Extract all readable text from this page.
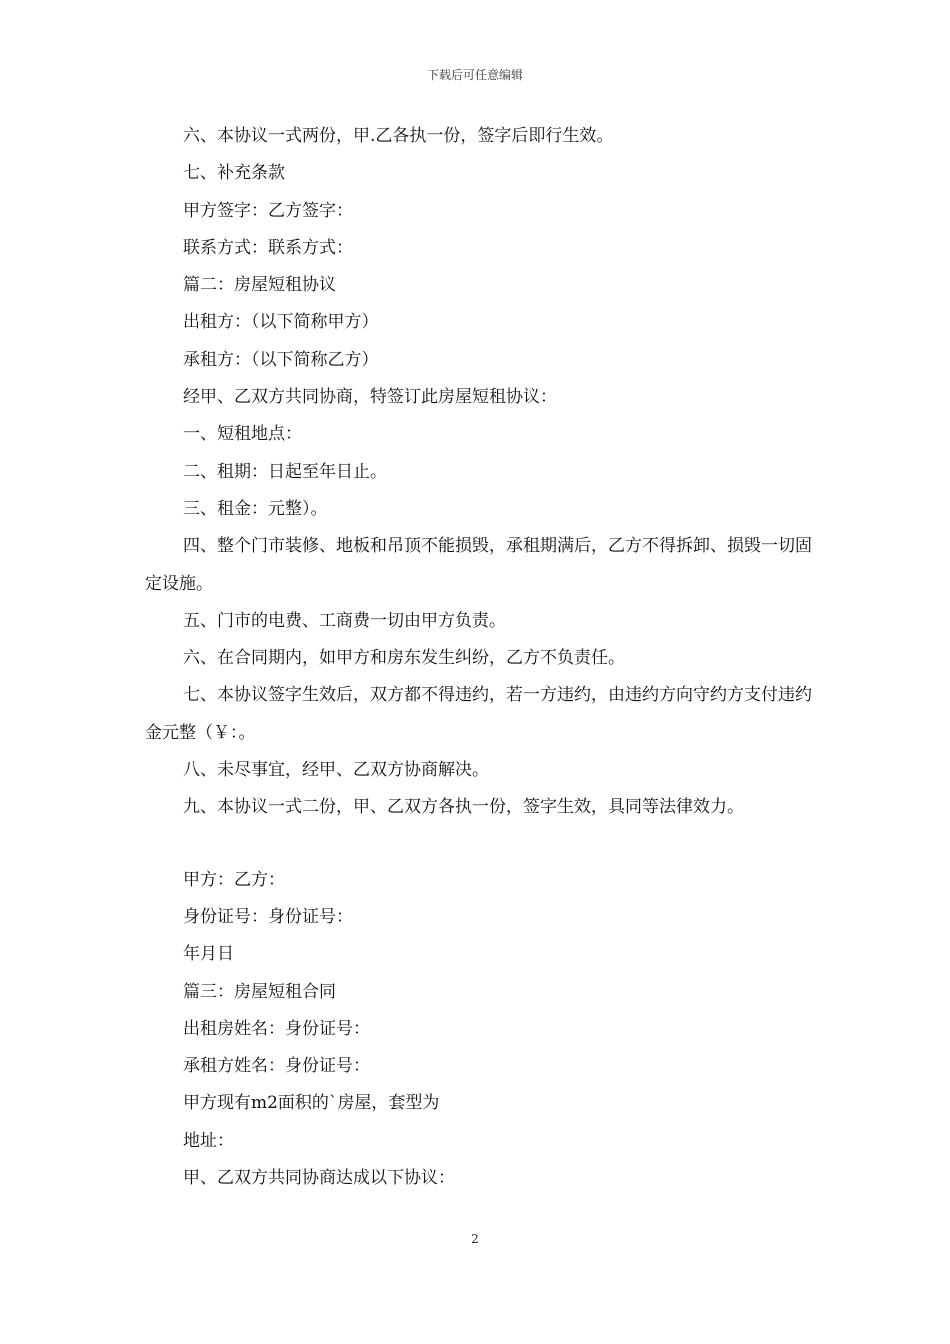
下载后可任意编辑

六、本协议一式两份，甲.乙各执一份，签字后即行生效。

七、补充条款

甲方签字：乙方签字：

联系方式：联系方式：

篇二：房屋短租协议

出租方：（以下简称甲方）

承租方：（以下简称乙方）

经甲、乙双方共同协商，特签订此房屋短租协议：

一、短租地点：

二、租期：日起至年日止。

三、租金：元整）。

四、整个门市装修、地板和吊顶不能损毁，承租期满后，乙方不得拆卸、损毁一切固定设施。

五、门市的电费、工商费一切由甲方负责。

六、在合同期内，如甲方和房东发生纠纷，乙方不负责任。

七、本协议签字生效后，双方都不得违约，若一方违约，由违约方向守约方支付违约金元整（￥：。

八、未尽事宜，经甲、乙双方协商解决。

九、本协议一式二份，甲、乙双方各执一份，签字生效，具同等法律效力。

甲方：乙方：

身份证号：身份证号：

年月日

篇三：房屋短租合同

出租房姓名：身份证号：

承租方姓名：身份证号：

甲方现有m2面积的`房屋，套型为

地址：

甲、乙双方共同协商达成以下协议：

2
